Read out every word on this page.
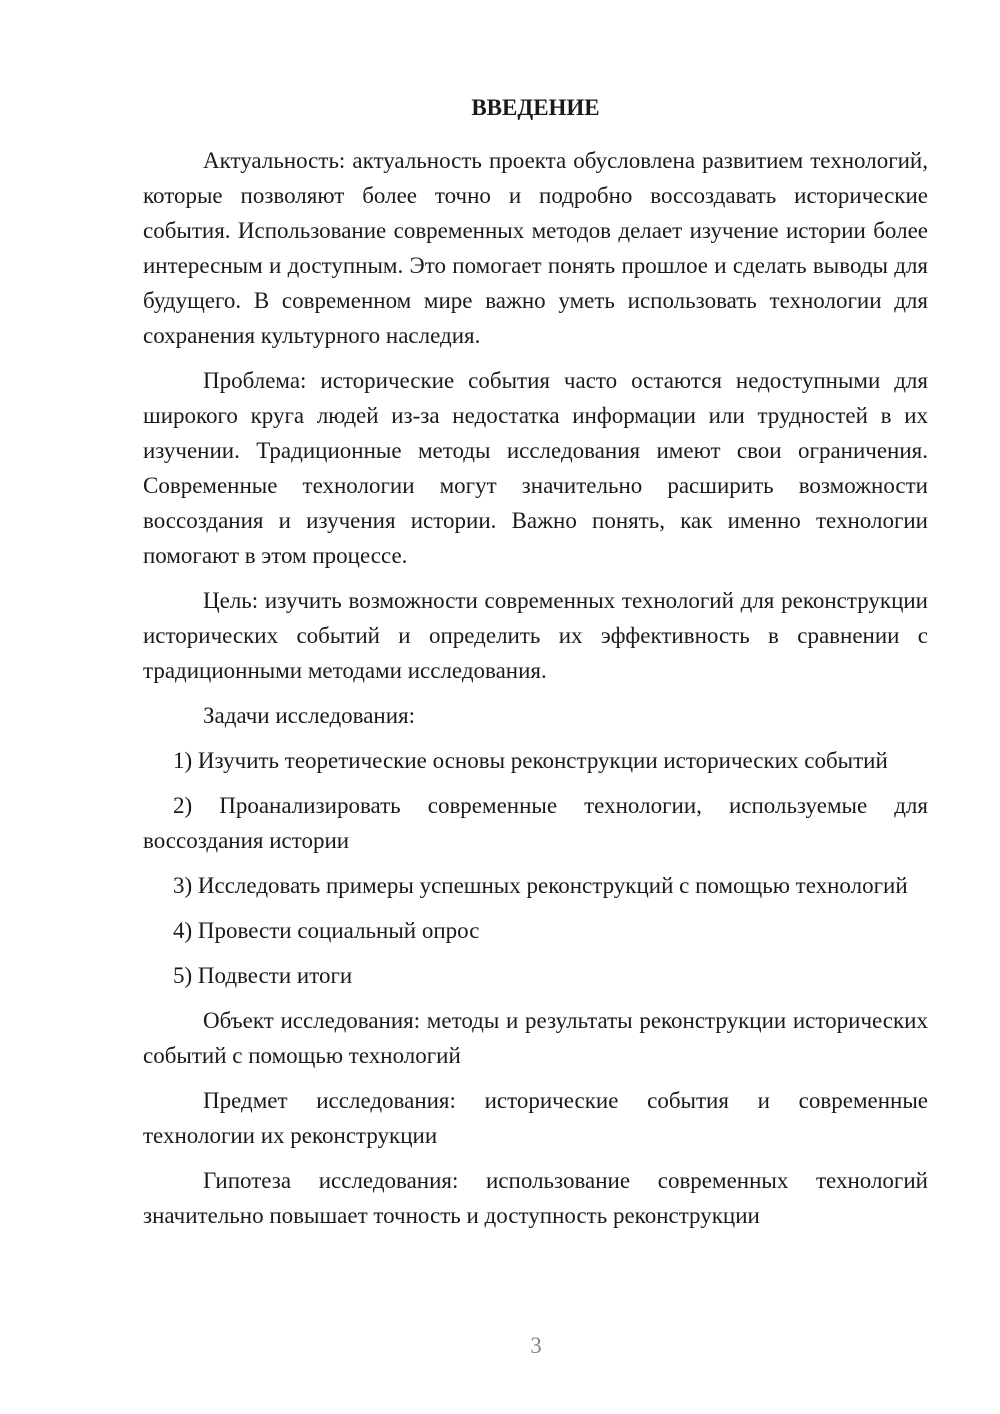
ВВЕДЕНИЕ

Актуальность: актуальность проекта обусловлена развитием технологий, которые позволяют более точно и подробно воссоздавать исторические события. Использование современных методов делает изучение истории более интересным и доступным. Это помогает понять прошлое и сделать выводы для будущего. В современном мире важно уметь использовать технологии для сохранения культурного наследия.

Проблема: исторические события часто остаются недоступными для широкого круга людей из-за недостатка информации или трудностей в их изучении. Традиционные методы исследования имеют свои ограничения. Современные технологии могут значительно расширить возможности воссоздания и изучения истории. Важно понять, как именно технологии помогают в этом процессе.

Цель: изучить возможности современных технологий для реконструкции исторических событий и определить их эффективность в сравнении с традиционными методами исследования.

Задачи исследования:

1) Изучить теоретические основы реконструкции исторических событий

2) Проанализировать современные технологии, используемые для воссоздания истории

3) Исследовать примеры успешных реконструкций с помощью технологий

4) Провести социальный опрос

5) Подвести итоги

Объект исследования: методы и результаты реконструкции исторических событий с помощью технологий

Предмет исследования: исторические события и современные технологии их реконструкции

Гипотеза исследования: использование современных технологий значительно повышает точность и доступность реконструкции

3
